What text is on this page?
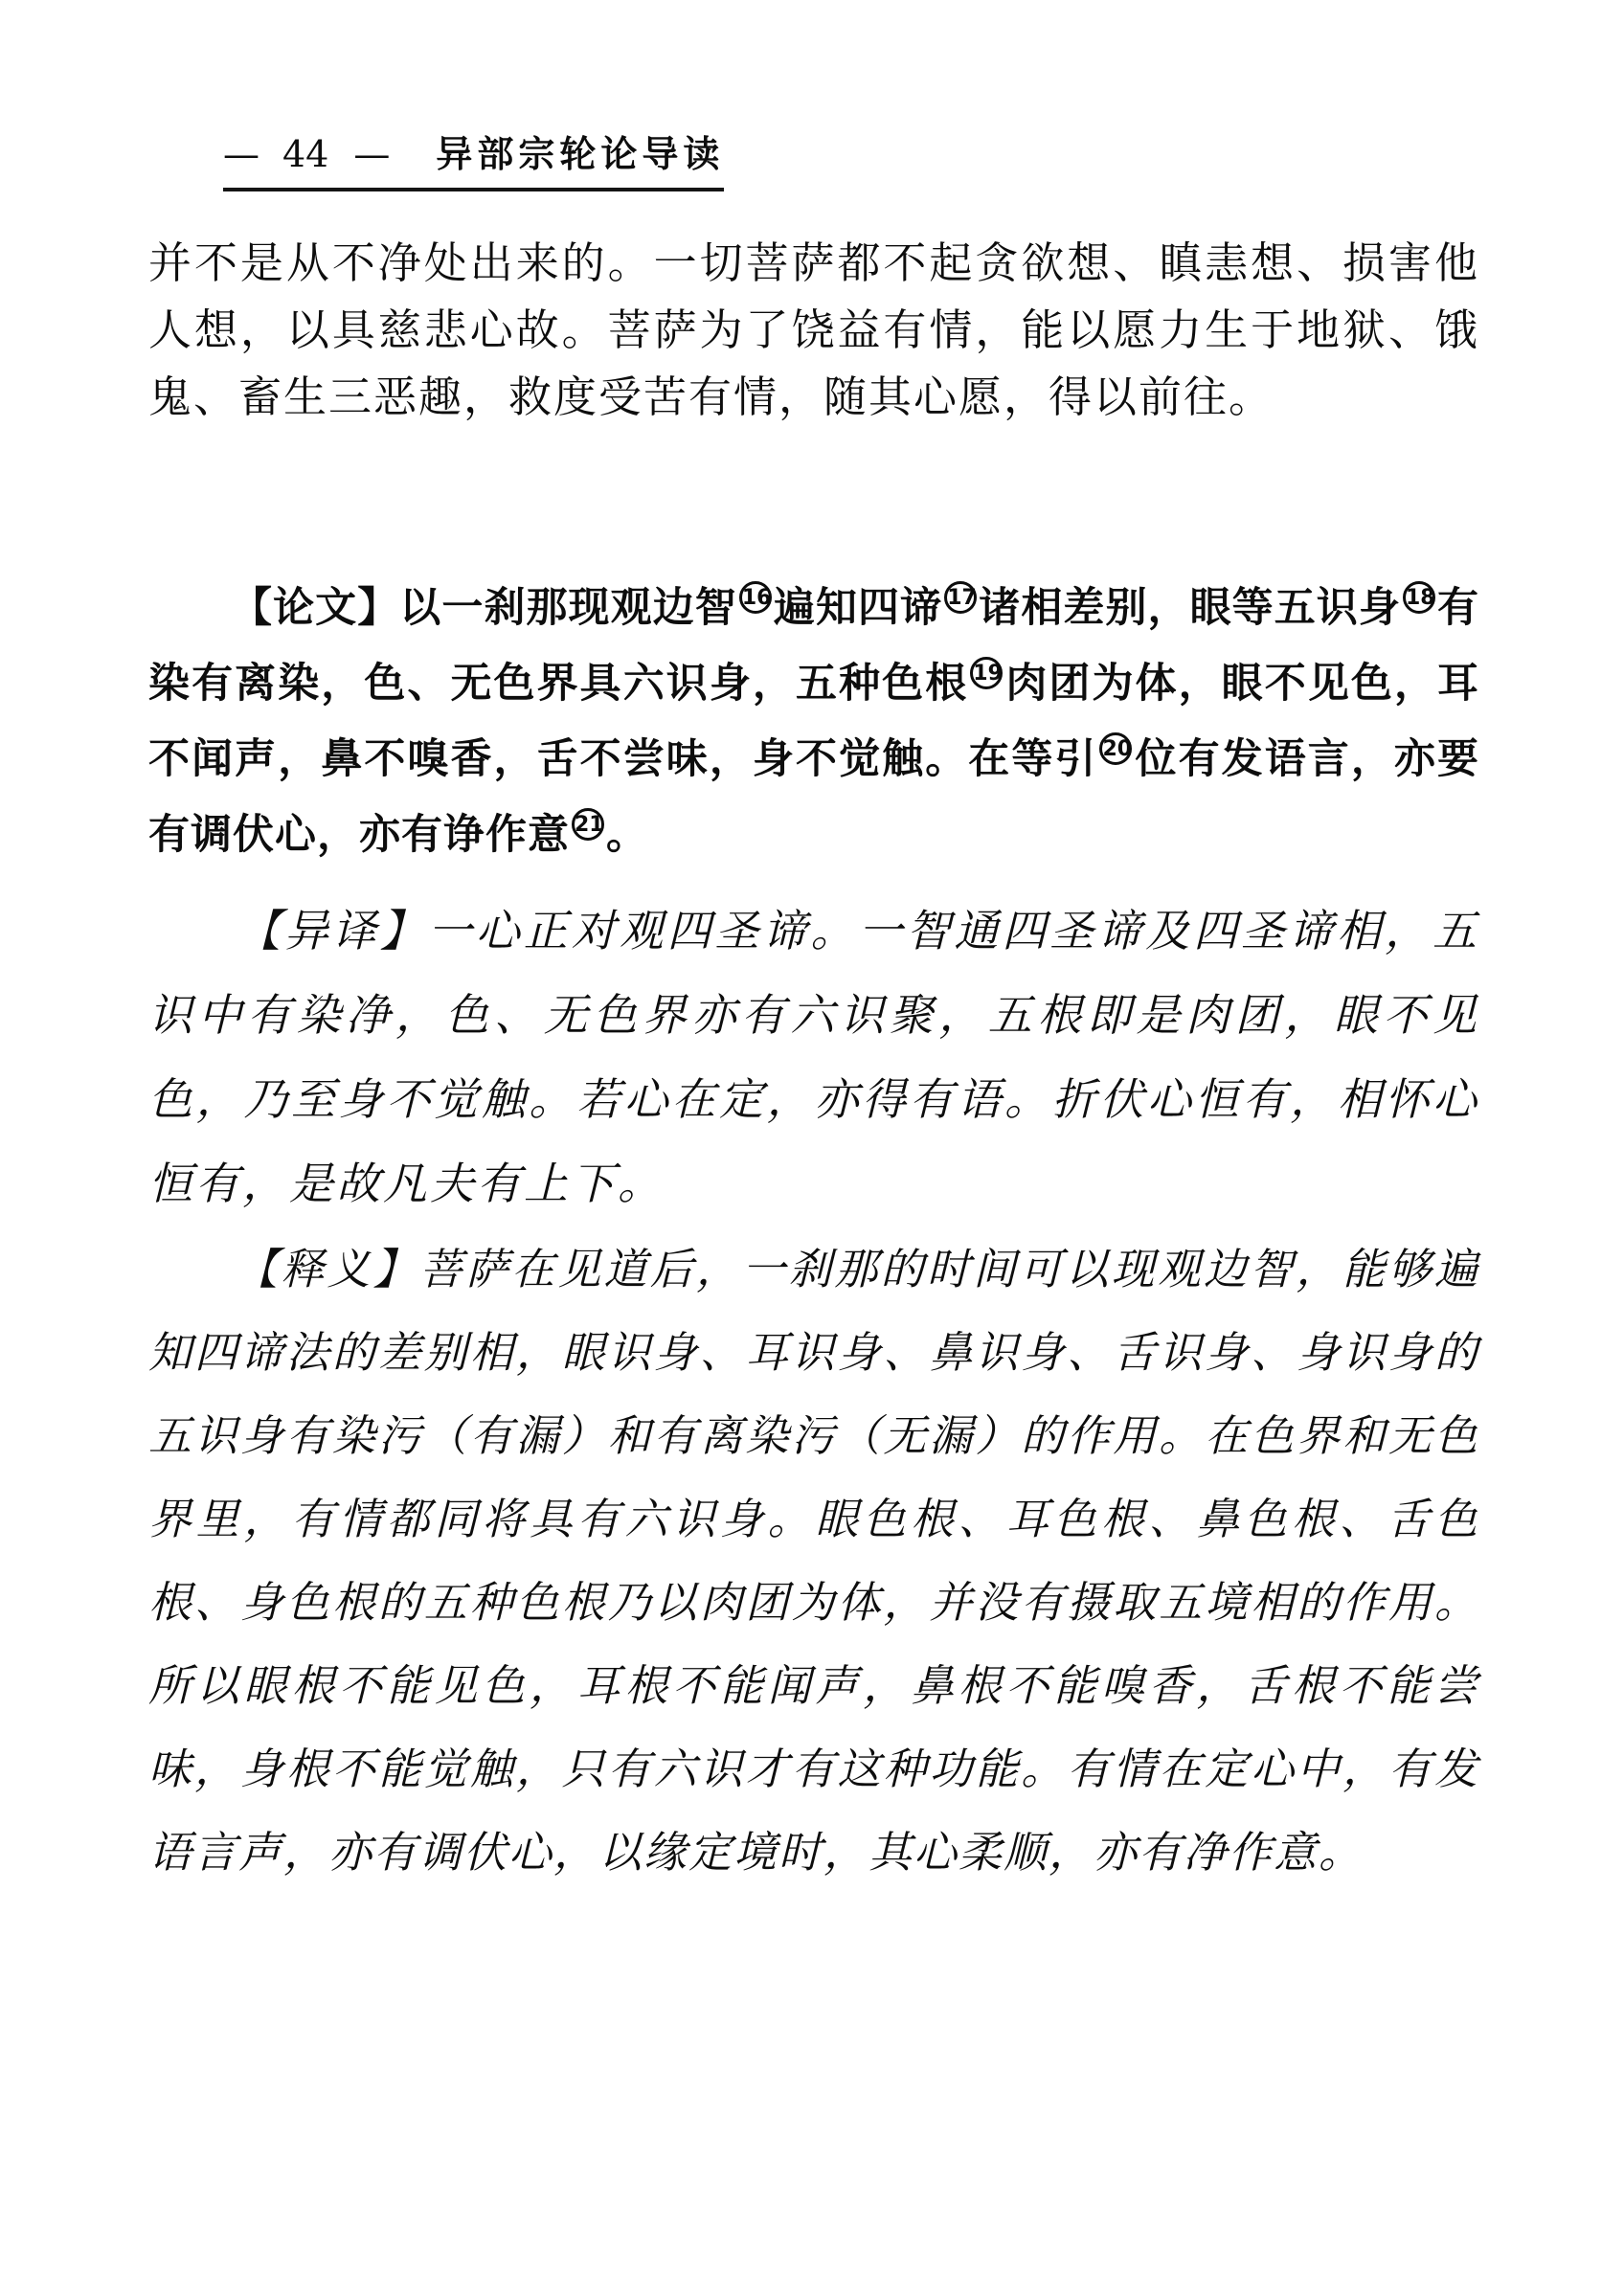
— 44 — 异部宗轮论导读

并不是从不净处出来的。一切菩萨都不起贪欲想、瞋恚想、损害他人想，以具慈悲心故。菩萨为了饶益有情，能以愿力生于地狱、饿鬼、畜生三恶趣，救度受苦有情，随其心愿，得以前往。

【论文】以一刹那现观边智 $^{16}$遍知四谛 $^{17}$诸相差别，眼等五识身 $^{18}$有染有离染，色、无色界具六识身，五种色根 $^{19}$肉团为体，眼不见色，耳不闻声，鼻不嗅香，舌不尝味，身不觉触。在等引 $^{20}$位有发语言，亦要有调伏心，亦有诤作意 $^{21}$。

【异译】一心正对观四圣谛。一智通四圣谛及四圣谛相，五识中有染净，色、无色界亦有六识聚，五根即是肉团，眼不见色，乃至身不觉触。若心在定，亦得有语。折伏心恒有，相怀心恒有，是故凡夫有上下。

【释义】菩萨在见道后，一刹那的时间可以现观边智，能够遍知四谛法的差别相，眼识身、耳识身、鼻识身、舌识身、身识身的五识身有染污（有漏）和有离染污（无漏）的作用。在色界和无色界里，有情都同将具有六识身。眼色根、耳色根、鼻色根、舌色根、身色根的五种色根乃以肉团为体，并没有摄取五境相的作用。所以眼根不能见色，耳根不能闻声，鼻根不能嗅香，舌根不能尝味，身根不能觉触，只有六识才有这种功能。有情在定心中，有发语言声，亦有调伏心，以缘定境时，其心柔顺，亦有净作意。
